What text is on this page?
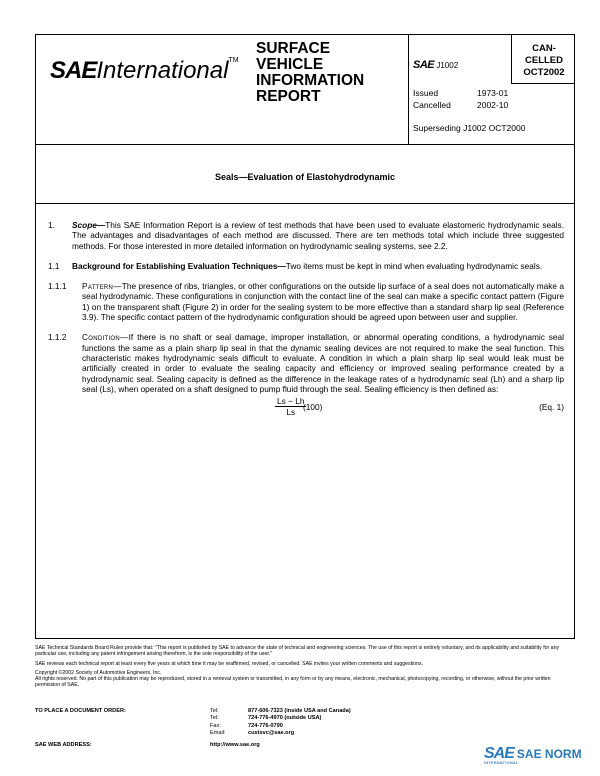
SAEInternational™
SURFACE
VEHICLE
INFORMATION
REPORT
SAE J1002
CAN-
CELLED
OCT2002
Issued	1973-01
Cancelled	2002-10
Superseding J1002 OCT2000
Seals—Evaluation of Elastohydrodynamic
1. Scope—This SAE Information Report is a review of test methods that have been used to evaluate elastomeric hydrodynamic seals. The advantages and disadvantages of each method are discussed. There are ten methods total which include three suggested methods. For those interested in more detailed information on hydrodynamic sealing systems, see 2.2.
1.1 Background for Establishing Evaluation Techniques—Two items must be kept in mind when evaluating hydrodynamic seals.
1.1.1 Pattern—The presence of ribs, triangles, or other configurations on the outside lip surface of a seal does not automatically make a seal hydrodynamic. These configurations in conjunction with the contact line of the seal can make a specific contact pattern (Figure 1) on the transparent shaft (Figure 2) in order for the sealing system to be more effective than a standard sharp lip seal (Reference 3.9). The specific contact pattern of the hydrodynamic configuration should be agreed upon between user and supplier.
1.1.2 Condition—If there is no shaft or seal damage, improper installation, or abnormal operating conditions, a hydrodynamic seal functions the same as a plain sharp lip seal in that the dynamic sealing devices are not required to make the seal function. This characteristic makes hydrodynamic seals difficult to evaluate. A condition in which a plain sharp lip seal would leak must be artificially created in order to evaluate the sealing capacity and efficiency or improved sealing performance created by a hydrodynamic seal. Sealing capacity is defined as the difference in the leakage rates of a hydrodynamic seal (Lh) and a sharp lip seal (Ls), when operated on a shaft designed to pump fluid through the seal. Sealing efficiency is then defined as:
$\frac{Ls - Lh}{Ls}$
(100)	(Eq. 1)

SAE Technical Standards Board Rules provide that: "This report is published by SAE to advance the state of technical and engineering sciences. The use of this report is entirely voluntary, and its applicability and suitability for any particular use, including any patent infringement arising therefrom, is the sole responsibility of the user."

SAE reviews each technical report at least every five years at which time it may be reaffirmed, revised, or cancelled. SAE invites your written comments and suggestions.

Copyright ©2002 Society of Automotive Engineers, Inc.

All rights reserved. No part of this publication may be reproduced, stored in a retrieval system or transmitted, in any form or by any means, electronic, mechanical, photocopying, recording, or otherwise, without the prior written permission of SAE.

TO PLACE A DOCUMENT ORDER:	Tel:	877-606-7323 (inside USA and Canada)
Tel:	724-776-4970 (outside USA)
Fax:	724-776-0790
Email:	custsvc@sae.org
SAE WEB ADDRESS:	http://www.sae.org	SAE SAE NORM
INTERNATIONAL
